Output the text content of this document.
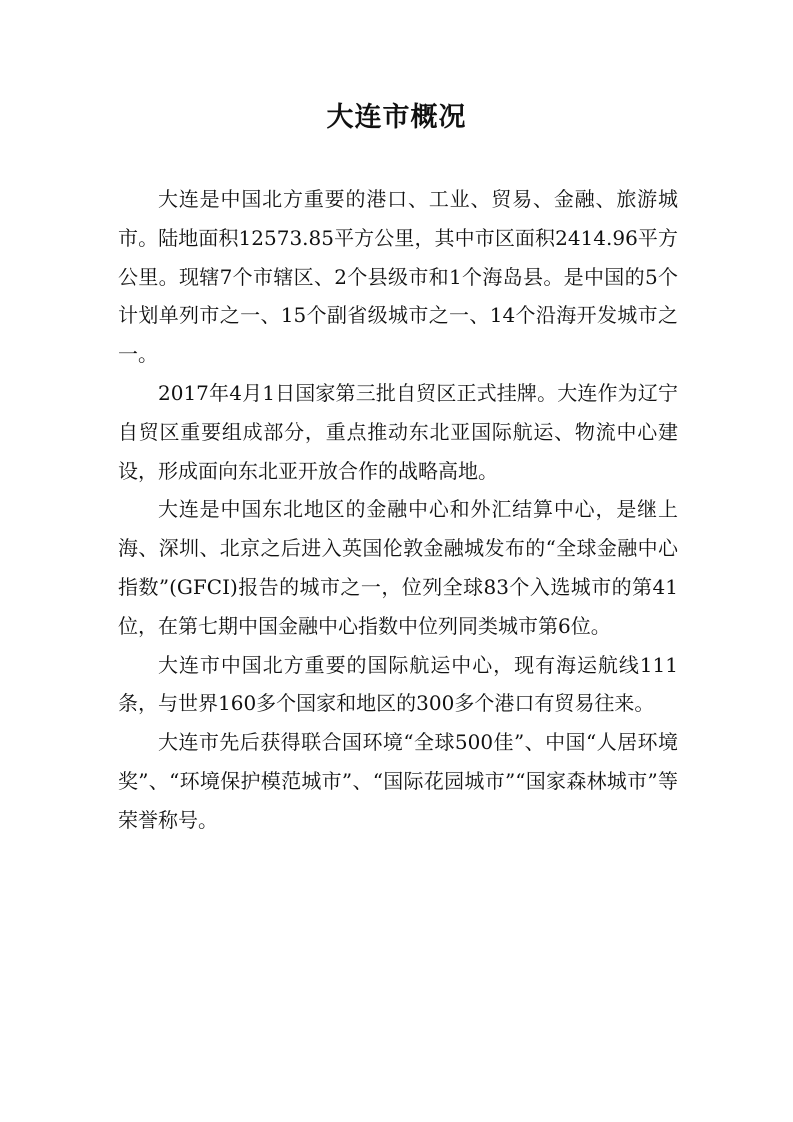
大连市概况

大连是中国北方重要的港口、工业、贸易、金融、旅游城市。陆地面积12573.85平方公里，其中市区面积2414.96平方公里。现辖7个市辖区、2个县级市和1个海岛县。是中国的5个计划单列市之一、15个副省级城市之一、14个沿海开发城市之一。

2017年4月1日国家第三批自贸区正式挂牌。大连作为辽宁自贸区重要组成部分，重点推动东北亚国际航运、物流中心建设，形成面向东北亚开放合作的战略高地。

大连是中国东北地区的金融中心和外汇结算中心，是继上海、深圳、北京之后进入英国伦敦金融城发布的“全球金融中心指数”(GFCI)报告的城市之一，位列全球83个入选城市的第41位，在第七期中国金融中心指数中位列同类城市第6位。

大连市中国北方重要的国际航运中心，现有海运航线111条，与世界160多个国家和地区的300多个港口有贸易往来。

大连市先后获得联合国环境“全球500佳”、中国“人居环境奖”、“环境保护模范城市”、“国际花园城市”“国家森林城市”等荣誉称号。
